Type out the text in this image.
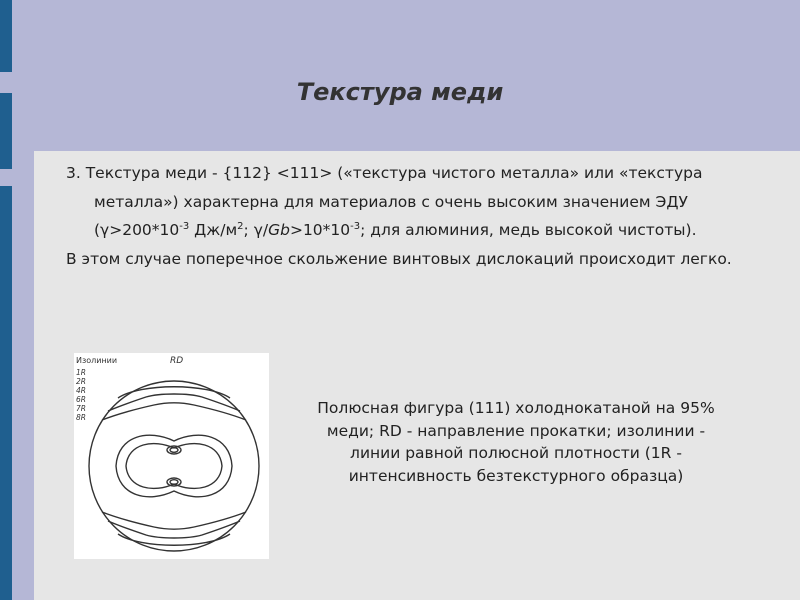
Текстура меди

3. Текстура меди - {112} <111> («текстура чистого металла» или «текстура металла») характерна для материалов с очень высоким значением ЭДУ ($\gamma>200*10^{-3}$ $Дж/м^2$; $\gamma/Gb>10*10^{-3}$; для алюминия, медь высокой чистоты).

В этом случае поперечное скольжение винтовых дислокаций происходит легко.

Изолинии
1R
2R
4R
6R
7R
8R
RD

Полюсная фигура (111) холоднокатаной на 95% меди; RD - направление прокатки; изолинии - линии равной полюсной плотности (1R - интенсивность безтекстурного образца)
